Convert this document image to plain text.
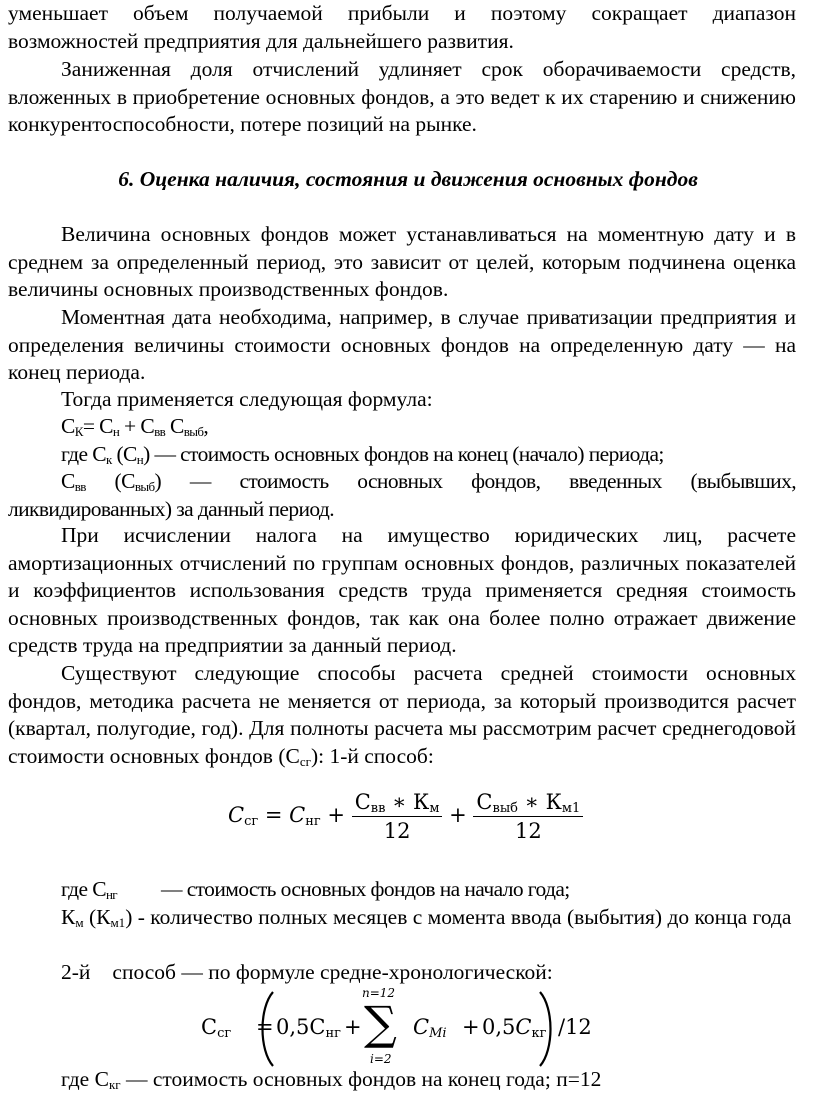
уменьшает объем получаемой прибыли и поэтому сокращает диапазон
возможностей предприятия для дальнейшего развития.

Заниженная доля отчислений удлиняет срок оборачиваемости средств, вложенных в приобретение основных фондов, а это ведет к их старению и снижению конкурентоспособности, потере позиций на рынке.

6. Оценка наличия, состояния и движения основных фондов

Величина основных фондов может устанавливаться на моментную дату и в среднем за определенный период, это зависит от целей, которым подчинена оценка величины основных производственных фондов.

Моментная дата необходима, например, в случае приватизации предприятия и определения величины стоимости основных фондов на определенную дату — на конец периода.

Тогда применяется следующая формула:
$С_К= С_н + С_{вв}$ $С_{выб}$,
где $С_к$ $(С_н)$ — стоимость основных фондов на конец (начало) периода;

$С_{вв}$ $(С_{выб})$ — стоимость основных фондов, введенных (выбывших, ликвидированных) за данный период.

При исчислении налога на имущество юридических лиц, расчете амортизационных отчислений по группам основных фондов, различных показателей и коэффициентов использования средств труда применяется средняя стоимость основных производственных фондов, так как она более полно отражает движение средств труда на предприятии за данный период.

Существуют следующие способы расчета средней стоимости основных фондов, методика расчета не меняется от периода, за который производится расчет (квартал, полугодие, год). Для полноты расчета мы рассмотрим расчет среднегодовой стоимости основных фондов $(С_{сг})$: 1-й способ:

$C_{сг} = C_{нг} + \frac{С_{вв} ∗ К_м}{12} + \frac{С_{выб} ∗ К_{м1}}{12}$
где $С_{нг}$ — стоимость основных фондов на начало года;

$К_м$ $(К_{м1})$ - количество полных месяцев с момента ввода (выбытия) до конца года

2-й способ — по формуле средне-хронологической:
$С_{сг} = 0,5С_{нг}$ +
n=12
∑
i=2
$C_{Mi} + 0,5C_{кг}$ /12
где $С_{кг}$ — стоимость основных фондов на конец года; п=12
